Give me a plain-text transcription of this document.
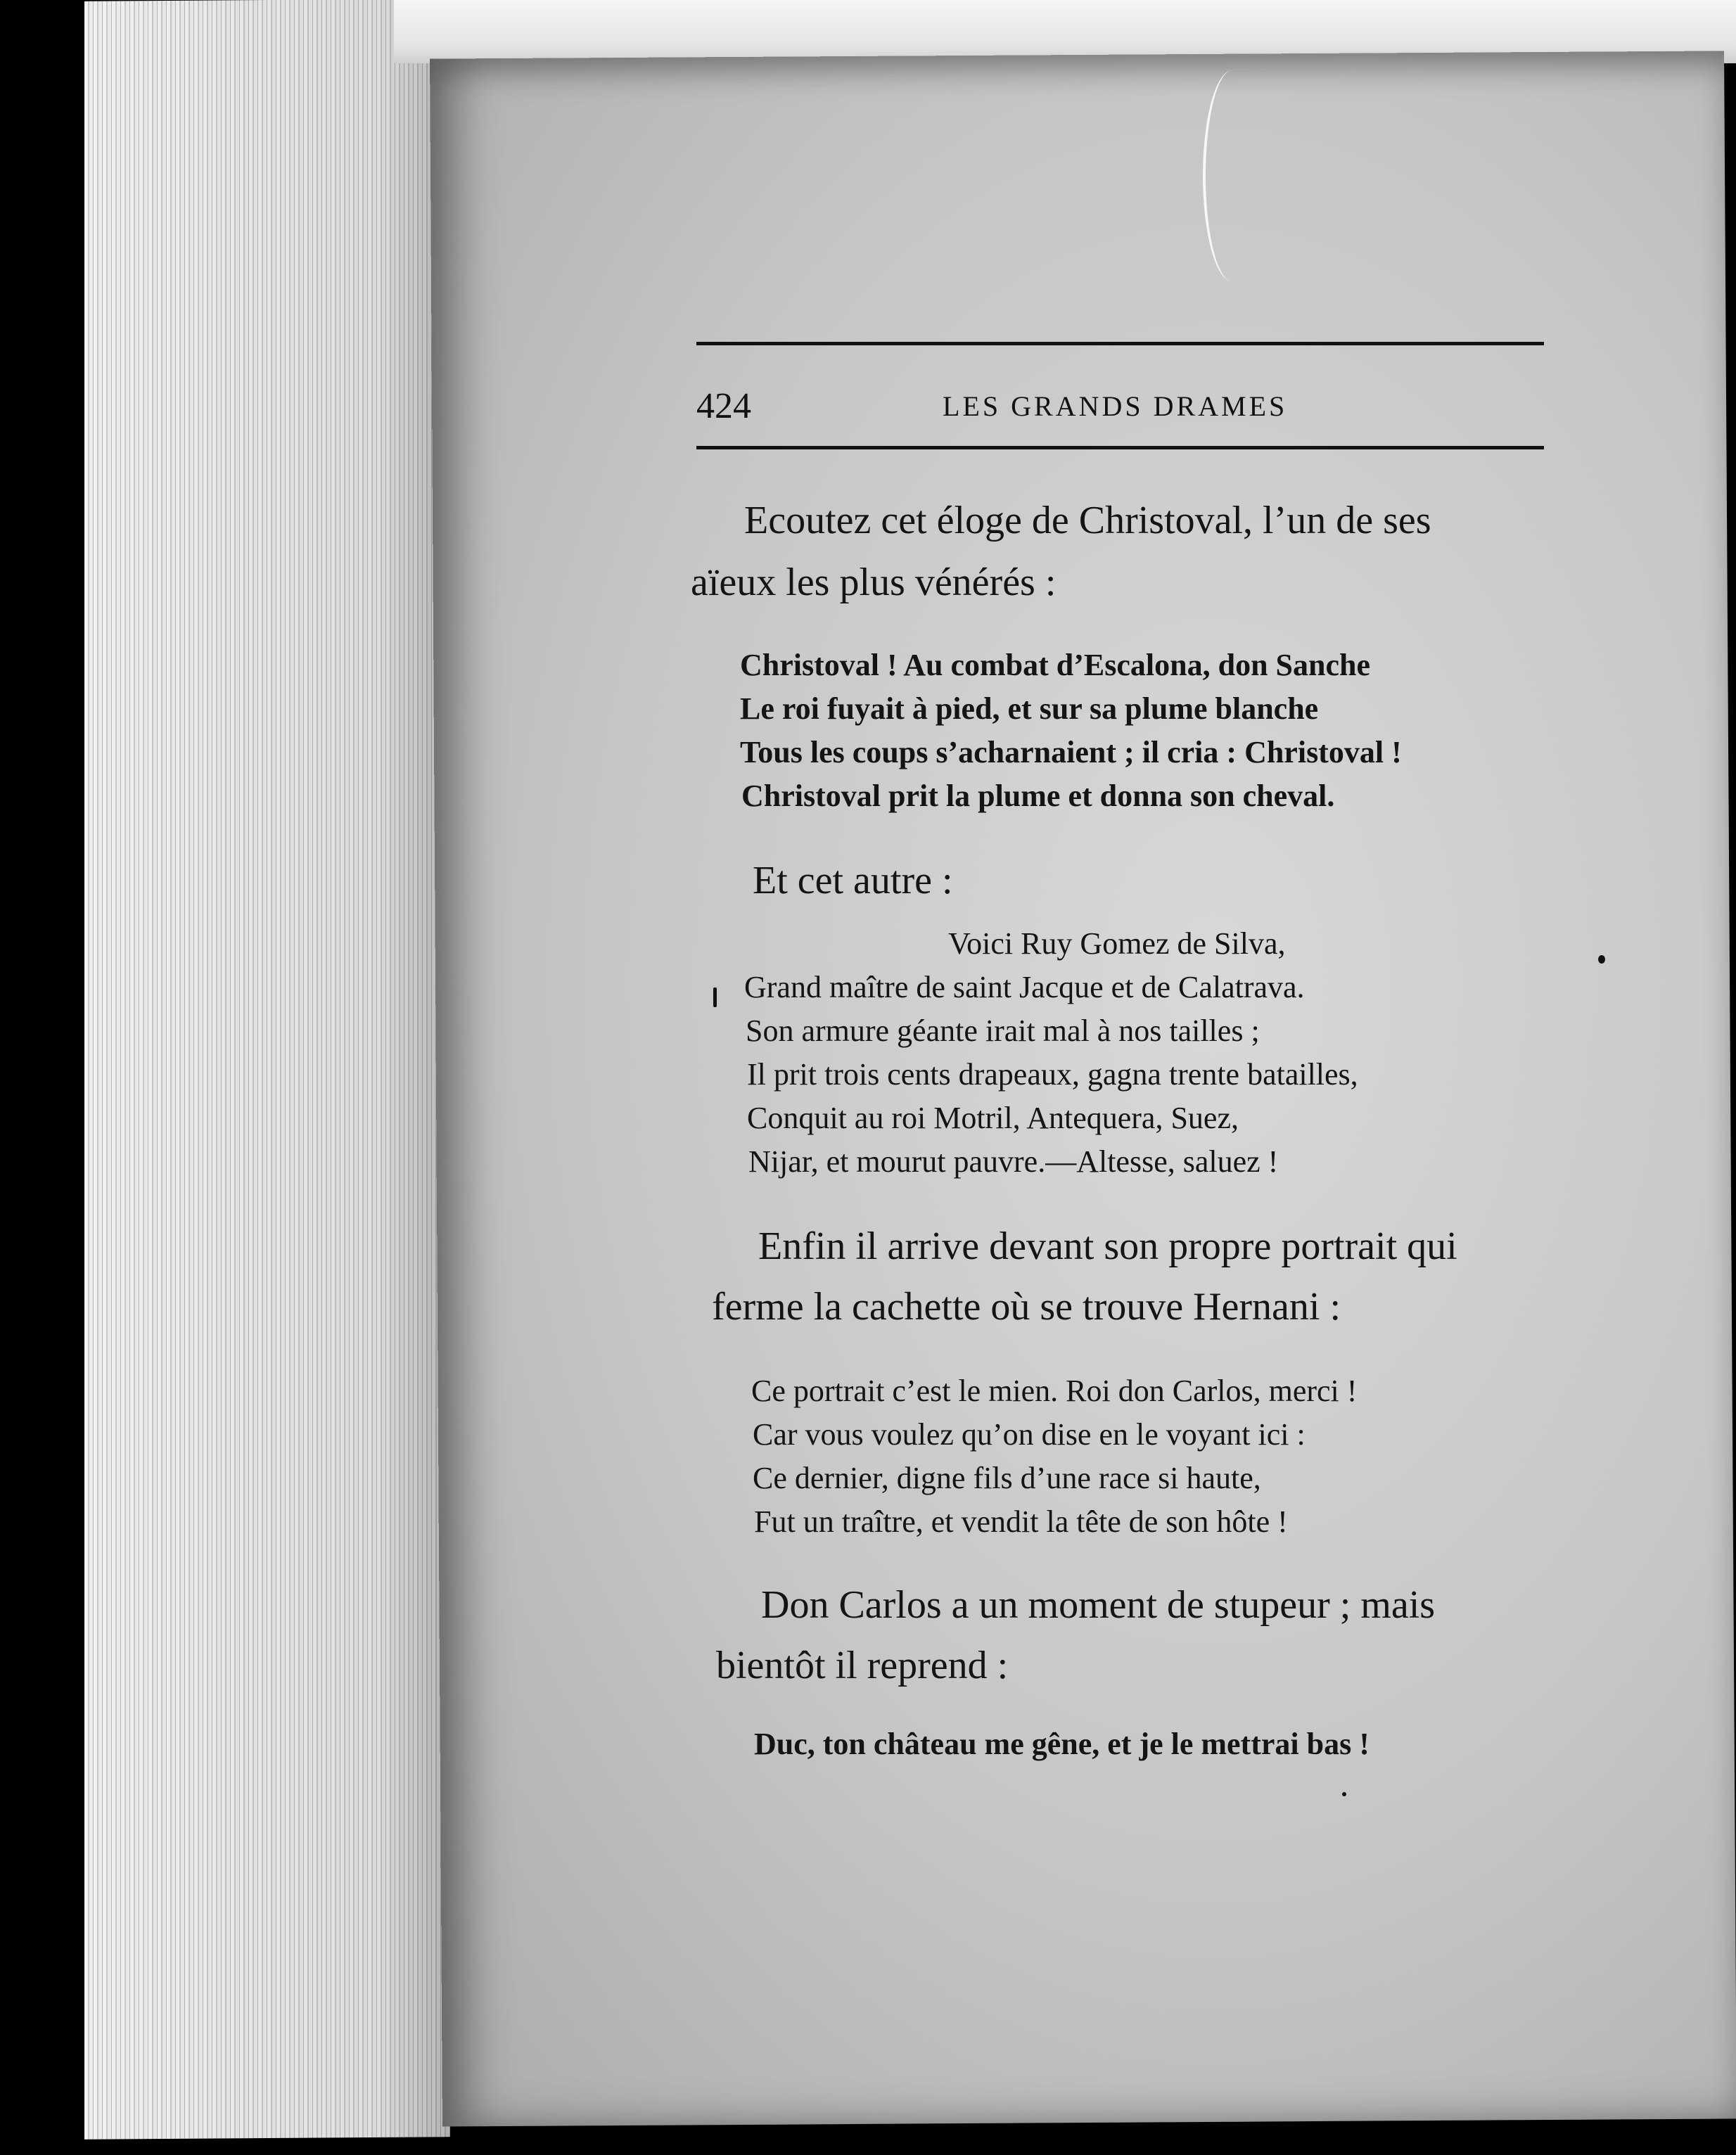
424	LES GRANDS DRAMES
Ecoutez cet éloge de Christoval, l’un de ses
aïeux les plus vénérés :
Christoval ! Au combat d’Escalona, don Sanche
Le roi fuyait à pied, et sur sa plume blanche
Tous les coups s’acharnaient ; il cria : Christoval !
Christoval prit la plume et donna son cheval.
Et cet autre :
Voici Ruy Gomez de Silva,
Grand maître de saint Jacque et de Calatrava.
Son armure géante irait mal à nos tailles ;
Il prit trois cents drapeaux, gagna trente batailles,
Conquit au roi Motril, Antequera, Suez,
Nijar, et mourut pauvre.—Altesse, saluez !
Enfin il arrive devant son propre portrait qui
ferme la cachette où se trouve Hernani :
Ce portrait c’est le mien. Roi don Carlos, merci !
Car vous voulez qu’on dise en le voyant ici :
Ce dernier, digne fils d’une race si haute,
Fut un traître, et vendit la tête de son hôte !
Don Carlos a un moment de stupeur ; mais
bientôt il reprend :
Duc, ton château me gêne, et je le mettrai bas !
